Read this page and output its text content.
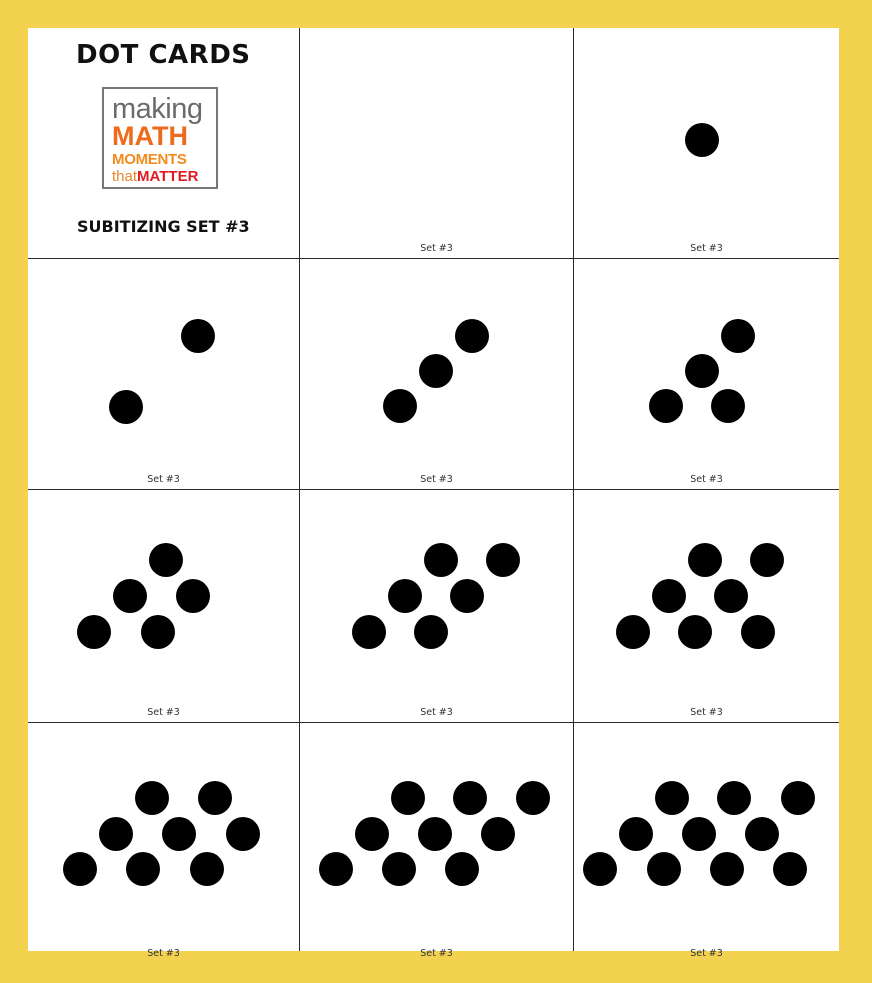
DOT CARDS
making
MATH
MOMENTS
thatMATTER
SUBITIZING SET #3
Set #3	Set #3
Set #3	Set #3	Set #3
Set #3	Set #3	Set #3
Set #3	Set #3	Set #3
